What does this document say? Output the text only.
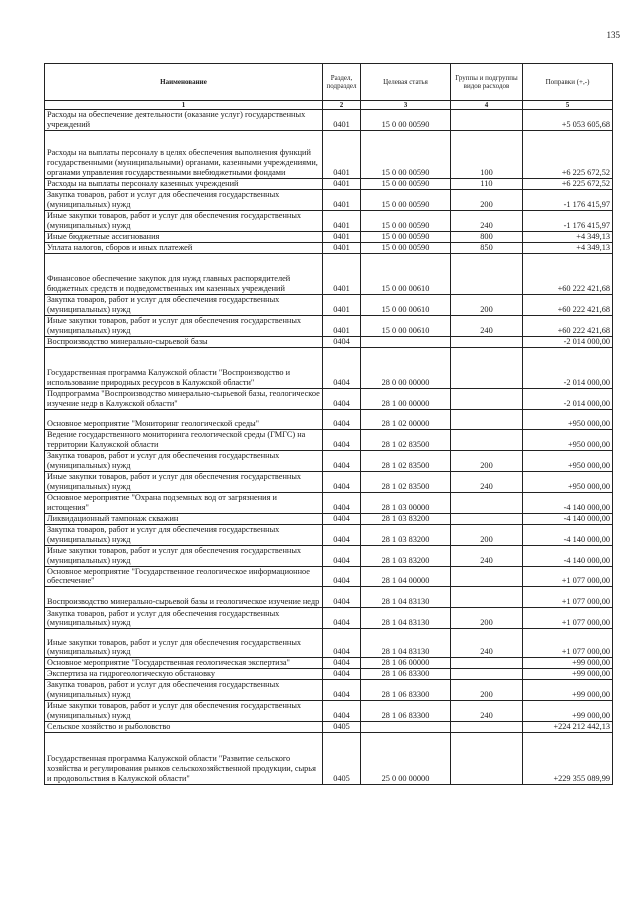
135
Наименование	Раздел, подраздел	Целевая статья	Группы и подгруппы видов расходов	Поправки (+,-)
1	2	3	4	5
Расходы на обеспечение деятельности (оказание услуг) государственных учреждений	0401	15 0 00 00590		+5 053 605,68
Расходы на выплаты персоналу в целях обеспечения выполнения функций государственными (муниципальными) органами, казенными учреждениями, органами управления государственными внебюджетными фондами	0401	15 0 00 00590	100	+6 225 672,52
Расходы на выплаты персоналу казенных учреждений	0401	15 0 00 00590	110	+6 225 672,52
Закупка товаров, работ и услуг для обеспечения государственных (муниципальных) нужд	0401	15 0 00 00590	200	-1 176 415,97
Иные закупки товаров, работ и услуг для обеспечения государственных (муниципальных) нужд	0401	15 0 00 00590	240	-1 176 415,97
Иные бюджетные ассигнования	0401	15 0 00 00590	800	+4 349,13
Уплата налогов, сборов и иных платежей	0401	15 0 00 00590	850	+4 349,13
Финансовое обеспечение закупок для нужд главных распорядителей бюджетных средств и подведомственных им казенных учреждений	0401	15 0 00 00610		+60 222 421,68
Закупка товаров, работ и услуг для обеспечения государственных (муниципальных) нужд	0401	15 0 00 00610	200	+60 222 421,68
Иные закупки товаров, работ и услуг для обеспечения государственных (муниципальных) нужд	0401	15 0 00 00610	240	+60 222 421,68
Воспроизводство минерально-сырьевой базы	0404			-2 014 000,00
Государственная программа Калужской области "Воспроизводство и использование природных ресурсов в Калужской области"	0404	28 0 00 00000		-2 014 000,00
Подпрограмма "Воспроизводство минерально-сырьевой базы, геологическое изучение недр в Калужской области"	0404	28 1 00 00000		-2 014 000,00
Основное мероприятие "Мониторинг геологической среды"	0404	28 1 02 00000		+950 000,00
Ведение государственного мониторинга геологической среды (ГМГС) на территории Калужской области	0404	28 1 02 83500		+950 000,00
Закупка товаров, работ и услуг для обеспечения государственных (муниципальных) нужд	0404	28 1 02 83500	200	+950 000,00
Иные закупки товаров, работ и услуг для обеспечения государственных (муниципальных) нужд	0404	28 1 02 83500	240	+950 000,00
Основное мероприятие "Охрана подземных вод от загрязнения и истощения"	0404	28 1 03 00000		-4 140 000,00
Ликвидационный тампонаж скважин	0404	28 1 03 83200		-4 140 000,00
Закупка товаров, работ и услуг для обеспечения государственных (муниципальных) нужд	0404	28 1 03 83200	200	-4 140 000,00
Иные закупки товаров, работ и услуг для обеспечения государственных (муниципальных) нужд	0404	28 1 03 83200	240	-4 140 000,00
Основное мероприятие "Государственное геологическое информационное обеспечение"	0404	28 1 04 00000		+1 077 000,00
Воспроизводство минерально-сырьевой базы и геологическое изучение недр	0404	28 1 04 83130		+1 077 000,00
Закупка товаров, работ и услуг для обеспечения государственных (муниципальных) нужд	0404	28 1 04 83130	200	+1 077 000,00
Иные закупки товаров, работ и услуг для обеспечения государственных (муниципальных) нужд	0404	28 1 04 83130	240	+1 077 000,00
Основное мероприятие "Государственная геологическая экспертиза"	0404	28 1 06 00000		+99 000,00
Экспертиза на гидрогеологическую обстановку	0404	28 1 06 83300		+99 000,00
Закупка товаров, работ и услуг для обеспечения государственных (муниципальных) нужд	0404	28 1 06 83300	200	+99 000,00
Иные закупки товаров, работ и услуг для обеспечения государственных (муниципальных) нужд	0404	28 1 06 83300	240	+99 000,00
Сельское хозяйство и рыболовство	0405			+224 212 442,13
Государственная программа Калужской области "Развитие сельского хозяйства и регулирования рынков сельскохозяйственной продукции, сырья и продовольствия в Калужской области"	0405	25 0 00 00000		+229 355 089,99
